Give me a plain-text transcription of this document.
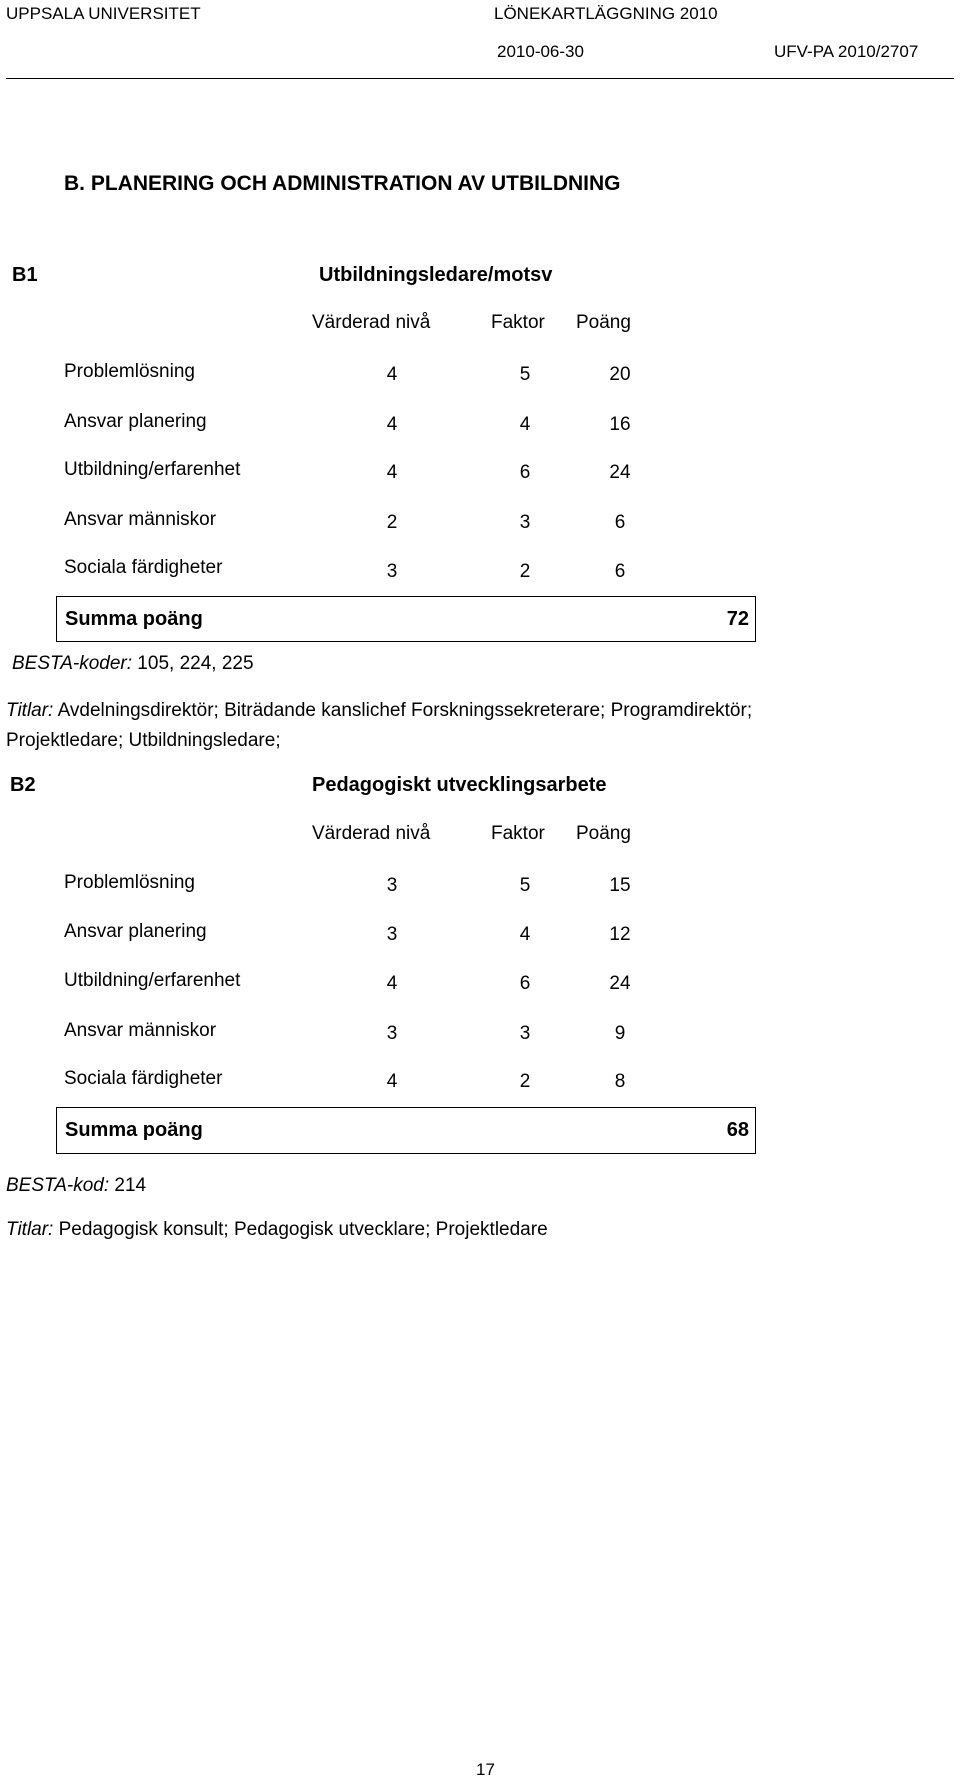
UPPSALA UNIVERSITET	LÖNEKARTLÄGGNING 2010
2010-06-30	UFV-PA 2010/2707
B. PLANERING OCH ADMINISTRATION AV UTBILDNING
B1	Utbildningsledare/motsv
Värderad nivå	Faktor Poäng
Problemlösning	4	5	20
Ansvar planering	4	4	16
Utbildning/erfarenhet	4	6	24
Ansvar människor	2	3	6
Sociala färdigheter	3	2	6
Summa poäng	72
BESTA-koder: 105, 224, 225
Titlar: Avdelningsdirektör; Biträdande kanslichef Forskningssekreterare; Programdirektör;
Projektledare; Utbildningsledare;
B2	Pedagogiskt utvecklingsarbete
Värderad nivå	Faktor Poäng
Problemlösning	3	5	15
Ansvar planering	3	4	12
Utbildning/erfarenhet	4	6	24
Ansvar människor	3	3	9
Sociala färdigheter	4	2	8
Summa poäng	68
BESTA-kod: 214
Titlar: Pedagogisk konsult; Pedagogisk utvecklare; Projektledare
17
